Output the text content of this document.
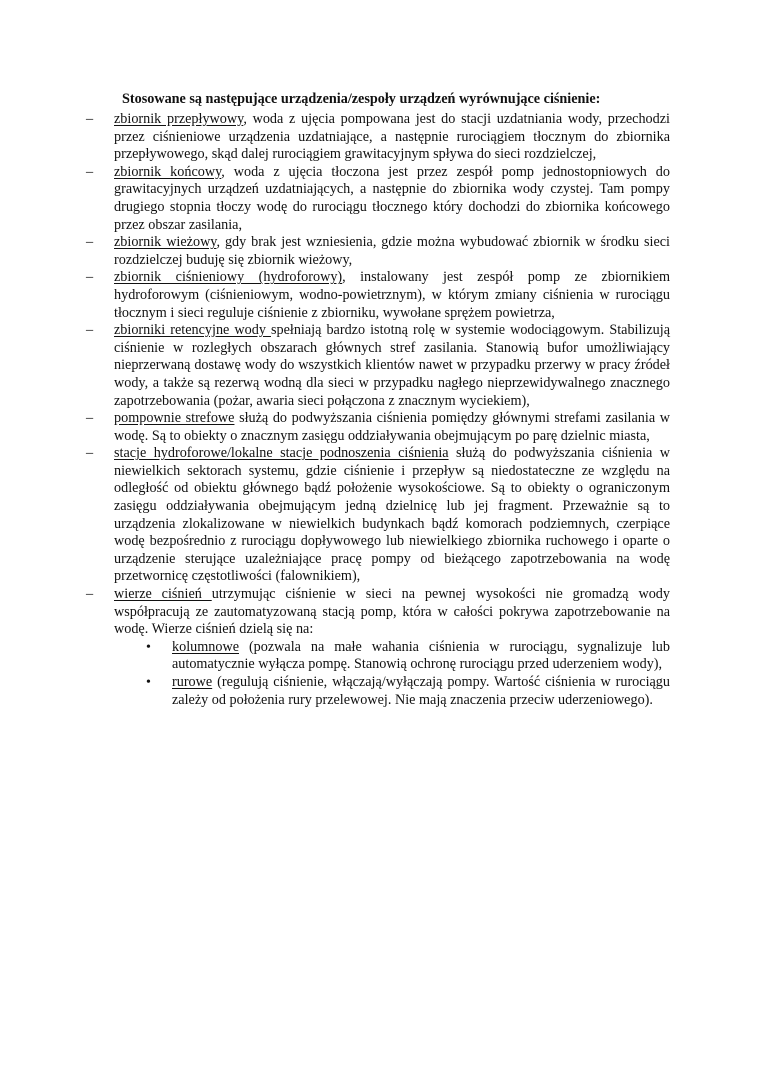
Stosowane są następujące urządzenia/zespoły urządzeń wyrównujące ciśnienie:
–	zbiornik przepływowy, woda z ujęcia pompowana jest do stacji uzdatniania wody, przechodzi przez ciśnieniowe urządzenia uzdatniające, a następnie rurociągiem tłocznym do zbiornika przepływowego, skąd dalej rurociągiem grawitacyjnym spływa do sieci rozdzielczej,
–	zbiornik końcowy, woda z ujęcia tłoczona jest przez zespół pomp jednostopniowych do grawitacyjnych urządzeń uzdatniających, a następnie do zbiornika wody czystej. Tam pompy drugiego stopnia tłoczy wodę do rurociągu tłocznego który dochodzi do zbiornika końcowego przez obszar zasilania,
–	zbiornik wieżowy, gdy brak jest wzniesienia, gdzie można wybudować zbiornik w środku sieci rozdzielczej buduję się zbiornik wieżowy,
–	zbiornik ciśnieniowy (hydroforowy), instalowany jest zespół pomp ze zbiornikiem hydroforowym (ciśnieniowym, wodno-powietrznym), w którym zmiany ciśnienia w rurociągu tłocznym i sieci reguluje ciśnienie z zbiorniku, wywołane sprężem powietrza,
–	zbiorniki retencyjne wody spełniają bardzo istotną rolę w systemie wodociągowym. Stabilizują ciśnienie w rozległych obszarach głównych stref zasilania. Stanowią bufor umożliwiający nieprzerwaną dostawę wody do wszystkich klientów nawet w przypadku przerwy w pracy źródeł wody, a także są rezerwą wodną dla sieci w przypadku nagłego nieprzewidywalnego znacznego zapotrzebowania (pożar, awaria sieci połączona z znacznym wyciekiem),
–	pompownie strefowe służą do podwyższania ciśnienia pomiędzy głównymi strefami zasilania w wodę. Są to obiekty o znacznym zasięgu oddziaływania obejmującym po parę dzielnic miasta,
–	stacje hydroforowe/lokalne stacje podnoszenia ciśnienia służą do podwyższania ciśnienia w niewielkich sektorach systemu, gdzie ciśnienie i przepływ są niedostateczne ze względu na odległość od obiektu głównego bądź położenie wysokościowe. Są to obiekty o ograniczonym zasięgu oddziaływania obejmującym jedną dzielnicę lub jej fragment. Przeważnie są to urządzenia zlokalizowane w niewielkich budynkach bądź komorach podziemnych, czerpiące wodę bezpośrednio z rurociągu dopływowego lub niewielkiego zbiornika ruchowego i oparte o urządzenie sterujące uzależniające pracę pompy od bieżącego zapotrzebowania na wodę przetwornicę częstotliwości (falownikiem),
–	wierze ciśnień utrzymując ciśnienie w sieci na pewnej wysokości nie gromadzą wody współpracują ze zautomatyzowaną stacją pomp, która w całości pokrywa zapotrzebowanie na wodę. Wierze ciśnień dzielą się na:
• kolumnowe (pozwala na małe wahania ciśnienia w rurociągu, sygnalizuje lub automatycznie wyłącza pompę. Stanowią ochronę rurociągu przed uderzeniem wody),
• rurowe (regulują ciśnienie, włączają/wyłączają pompy. Wartość ciśnienia w rurociągu zależy od położenia rury przelewowej. Nie mają znaczenia przeciw uderzeniowego).
